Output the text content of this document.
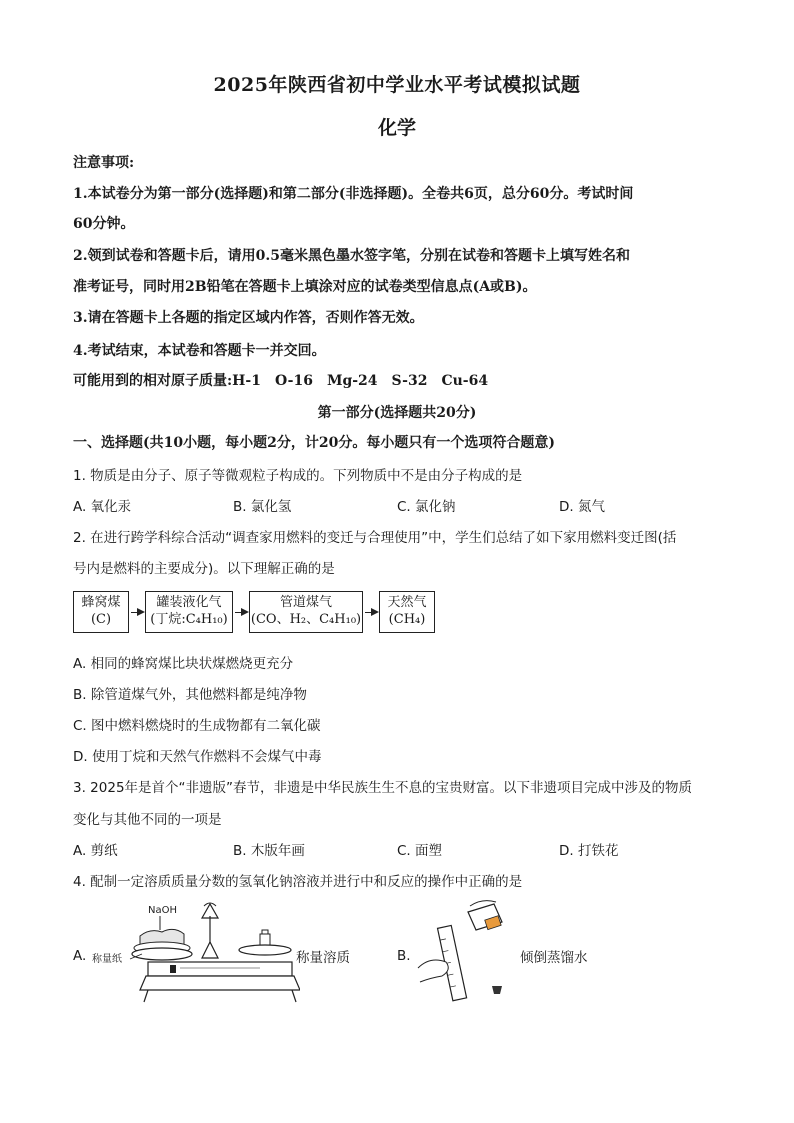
2025年陕西省初中学业水平考试模拟试题
化学
注意事项:
1.本试卷分为第一部分(选择题)和第二部分(非选择题)。全卷共6页，总分60分。考试时间
60分钟。
2.领到试卷和答题卡后，请用0.5毫米黑色墨水签字笔，分别在试卷和答题卡上填写姓名和
准考证号，同时用2B铅笔在答题卡上填涂对应的试卷类型信息点(A或B)。
3.请在答题卡上各题的指定区域内作答，否则作答无效。
4.考试结束，本试卷和答题卡一并交回。
可能用到的相对原子质量:H-1　O-16　Mg-24　S-32　Cu-64
第一部分(选择题共20分)
一、选择题(共10小题，每小题2分，计20分。每小题只有一个选项符合题意)
1. 物质是由分子、原子等微观粒子构成的。下列物质中不是由分子构成的是
A. 氧化汞	B. 氯化氢	C. 氯化钠	D. 氮气
2. 在进行跨学科综合活动“调查家用燃料的变迁与合理使用”中，学生们总结了如下家用燃料变迁图(括
号内是燃料的主要成分)。以下理解正确的是
蜂窝煤
(C)
罐装液化气
(丁烷:C₄H₁₀)
管道煤气
(CO、H₂、C₄H₁₀)
天然气
(CH₄)
A. 相同的蜂窝煤比块状煤燃烧更充分
B. 除管道煤气外，其他燃料都是纯净物
C. 图中燃料燃烧时的生成物都有二氧化碳
D. 使用丁烷和天然气作燃料不会煤气中毒
3. 2025年是首个“非遗版”春节，非遗是中华民族生生不息的宝贵财富。以下非遗项目完成中涉及的物质
变化与其他不同的一项是
A. 剪纸	B. 木版年画	C. 面塑	D. 打铁花
4. 配制一定溶质质量分数的氢氧化钠溶液并进行中和反应的操作中正确的是
A.
NaOH
称量纸	称量溶质	B.	倾倒蒸馏水
